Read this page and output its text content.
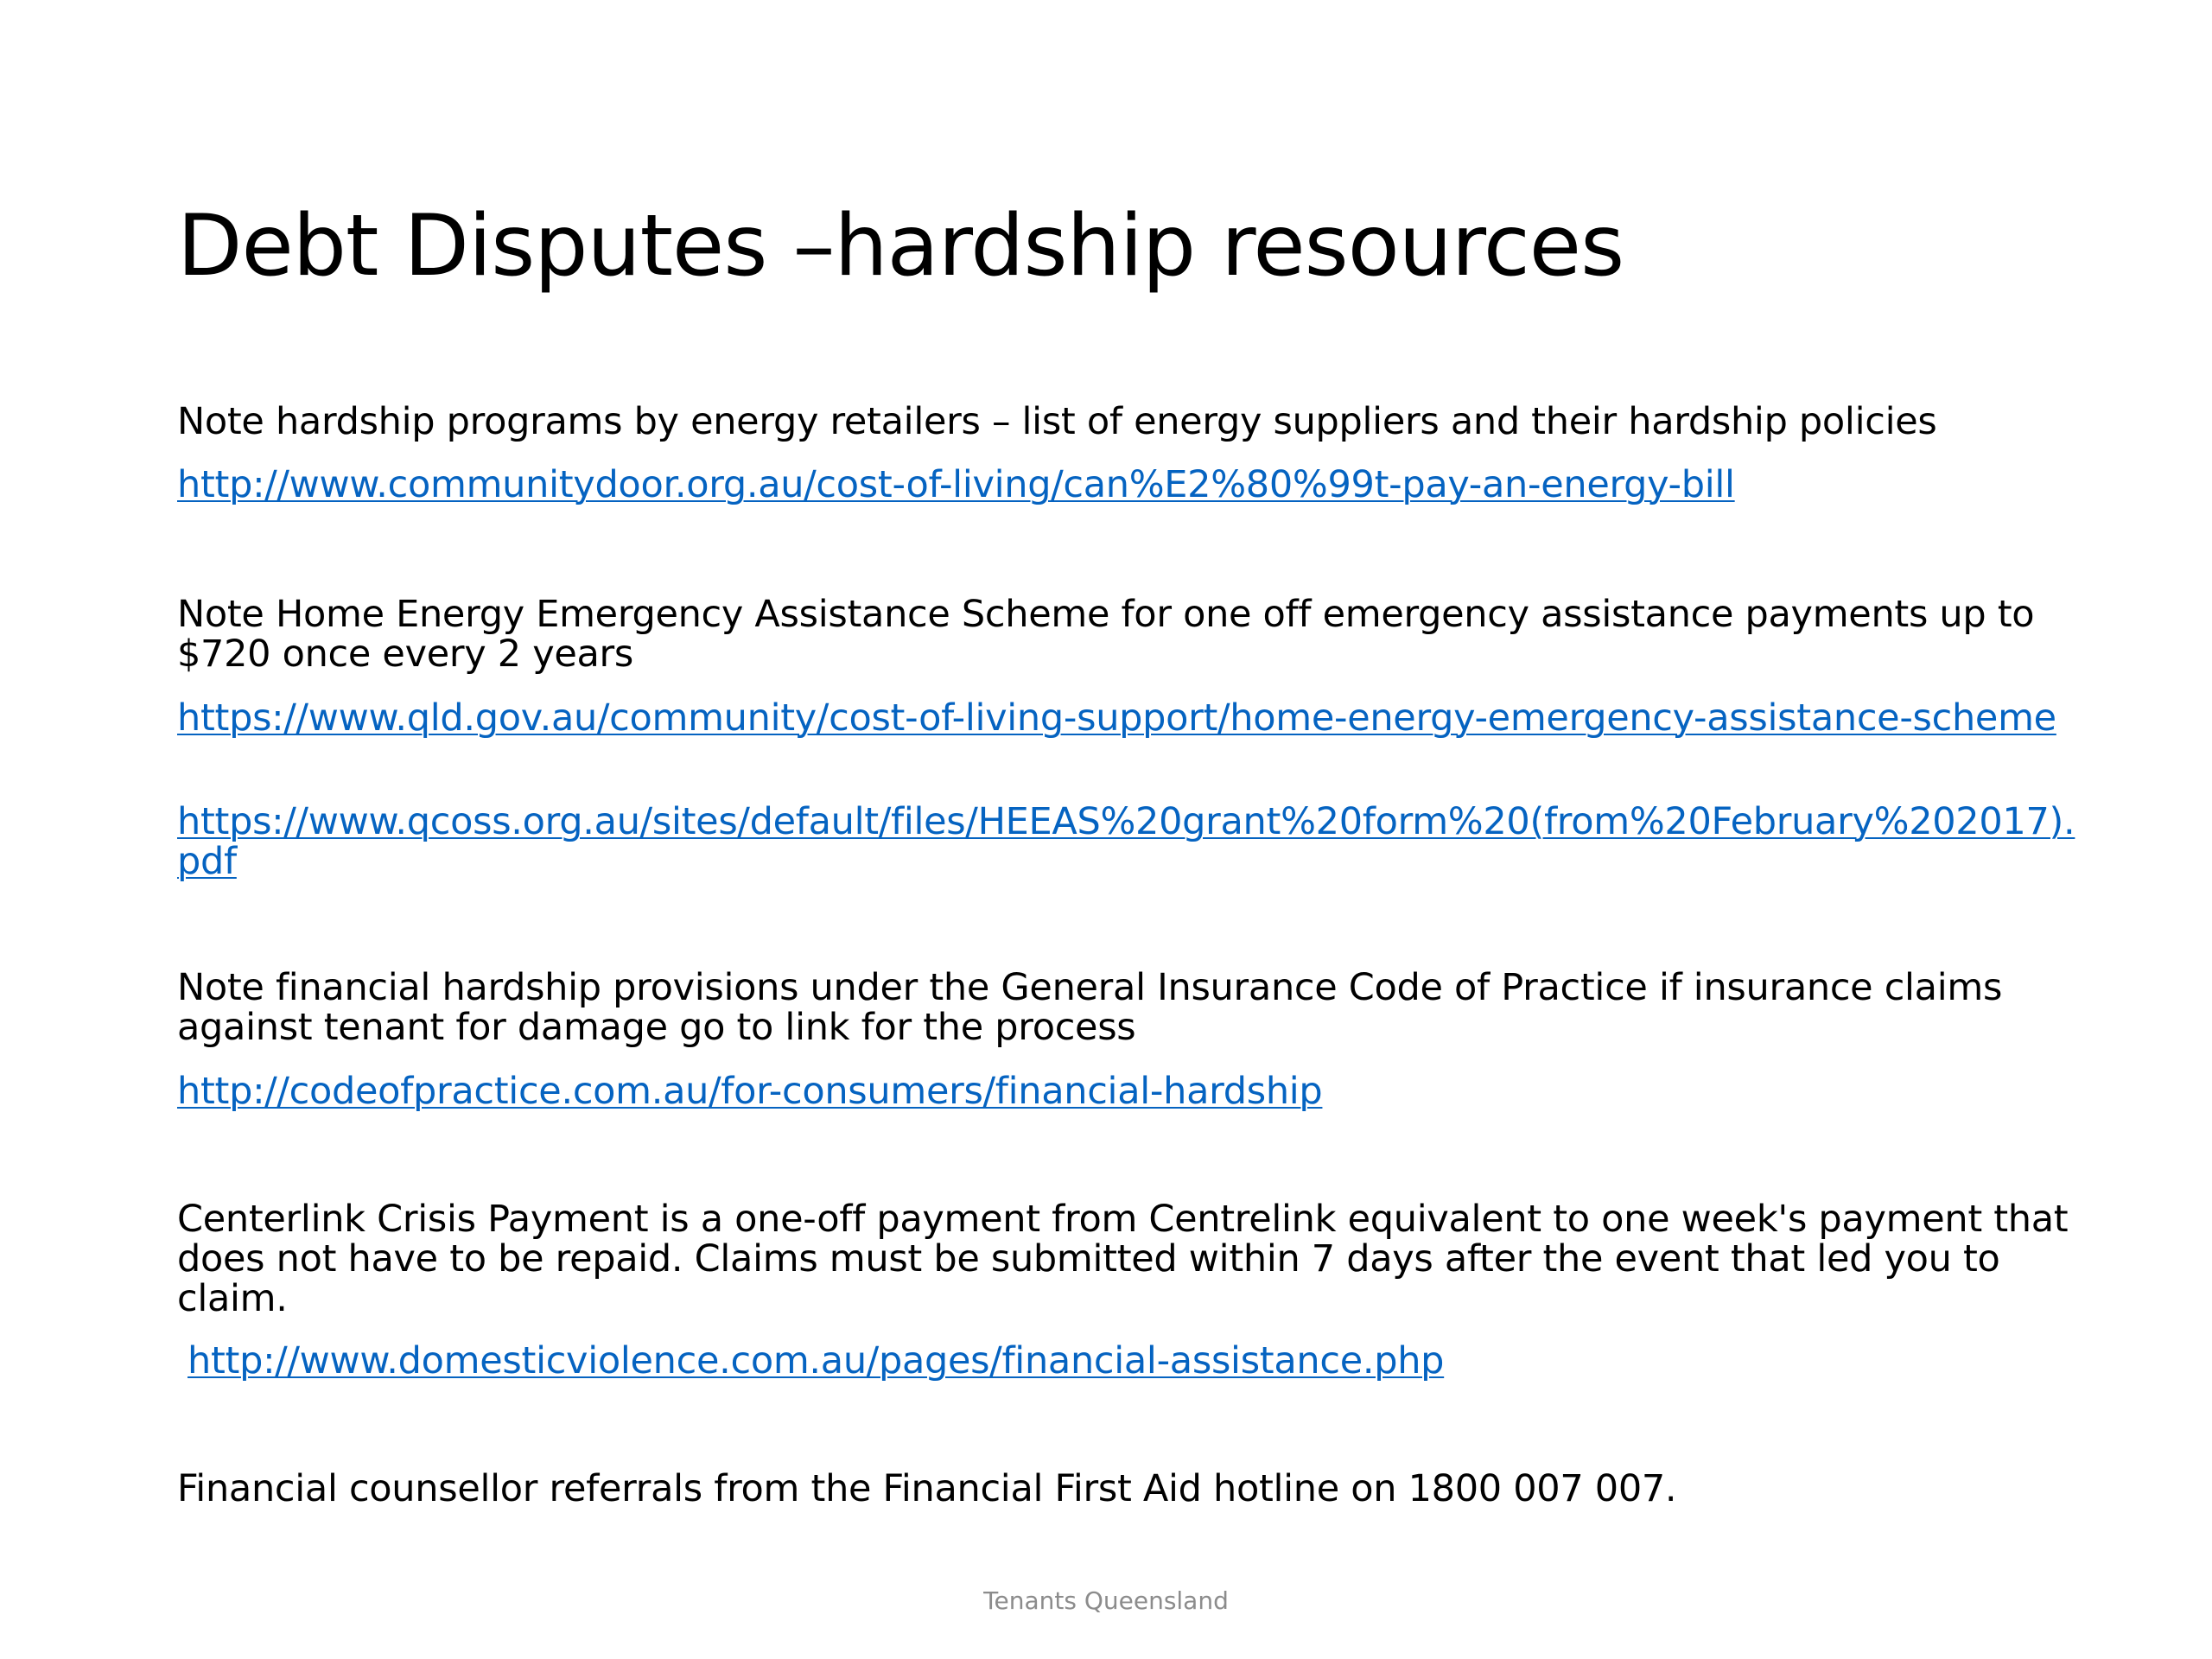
Debt Disputes –hardship resources

Note hardship programs by energy retailers – list of energy suppliers and their hardship policies

http://www.communitydoor.org.au/cost-of-living/can%E2%80%99t-pay-an-energy-bill

Note Home Energy Emergency Assistance Scheme for one off emergency assistance payments up to $720 once every 2 years

https://www.qld.gov.au/community/cost-of-living-support/home-energy-emergency-assistance-scheme
https://www.qcoss.org.au/sites/default/files/HEEAS%20grant%20form%20(from%20February%202017).pdf

Note financial hardship provisions under the General Insurance Code of Practice if insurance claims against tenant for damage go to link for the process

http://codeofpractice.com.au/for-consumers/financial-hardship

Centerlink Crisis Payment is a one-off payment from Centrelink equivalent to one week's payment that does not have to be repaid. Claims must be submitted within 7 days after the event that led you to claim.

http://www.domesticviolence.com.au/pages/financial-assistance.php

Financial counsellor referrals from the Financial First Aid hotline on 1800 007 007.

Tenants Queensland
